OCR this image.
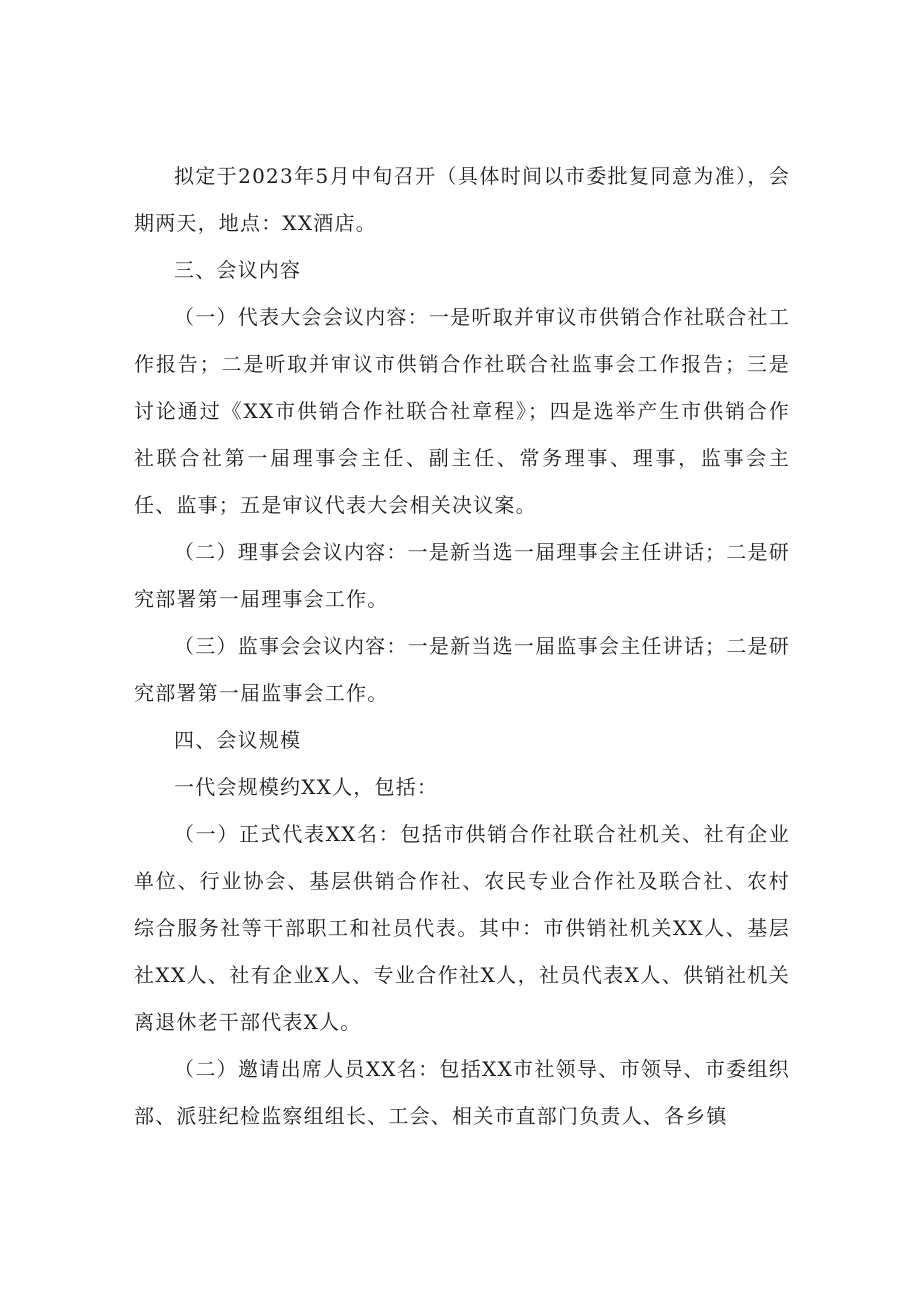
拟定于2023年5月中旬召开（具体时间以市委批复同意为准），会期两天，地点：XX酒店。

三、会议内容

（一）代表大会会议内容：一是听取并审议市供销合作社联合社工作报告；二是听取并审议市供销合作社联合社监事会工作报告；三是讨论通过《XX市供销合作社联合社章程》；四是选举产生市供销合作社联合社第一届理事会主任、副主任、常务理事、理事，监事会主任、监事；五是审议代表大会相关决议案。

（二）理事会会议内容：一是新当选一届理事会主任讲话；二是研究部署第一届理事会工作。

（三）监事会会议内容：一是新当选一届监事会主任讲话；二是研究部署第一届监事会工作。

四、会议规模

一代会规模约XX人，包括：

（一）正式代表XX名：包括市供销合作社联合社机关、社有企业单位、行业协会、基层供销合作社、农民专业合作社及联合社、农村综合服务社等干部职工和社员代表。其中：市供销社机关XX人、基层社XX人、社有企业X人、专业合作社X人，社员代表X人、供销社机关离退休老干部代表X人。

（二）邀请出席人员XX名：包括XX市社领导、市领导、市委组织部、派驻纪检监察组组长、工会、相关市直部门负责人、各乡镇
